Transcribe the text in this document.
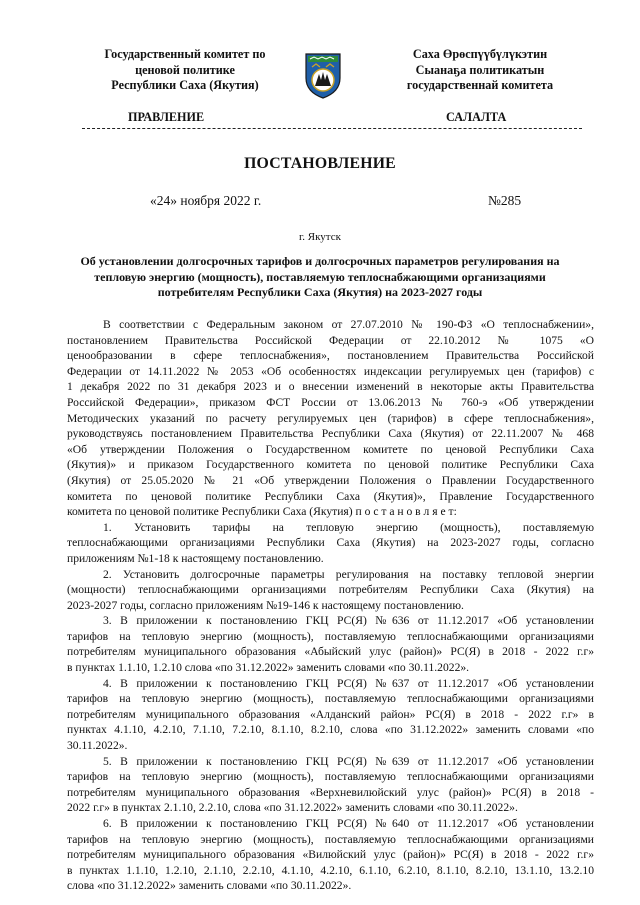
Государственный комитет по
ценовой политике
Республики Саха (Якутия)
Саха Өрөспүүбүлүкэтин
Сыанаҕа политикатын
государственнай комитета
ПРАВЛЕНИЕ	САЛАЛТА
ПОСТАНОВЛЕНИЕ
«24» ноября 2022 г.	№285
г. Якутск
Об установлении долгосрочных тарифов и долгосрочных параметров регулирования на
тепловую энергию (мощность), поставляемую теплоснабжающими организациями
потребителям Республики Саха (Якутия) на 2023-2027 годы
В соответствии с Федеральным законом от 27.07.2010 № 190-ФЗ «О теплоснабжении»,
постановлением Правительства Российской Федерации от 22.10.2012 № 1075 «О
ценообразовании в сфере теплоснабжения», постановлением Правительства Российской
Федерации от 14.11.2022 № 2053 «Об особенностях индексации регулируемых цен (тарифов) с
1 декабря 2022 по 31 декабря 2023 и о внесении изменений в некоторые акты Правительства
Российской Федерации», приказом ФСТ России от 13.06.2013 № 760-э «Об утверждении
Методических указаний по расчету регулируемых цен (тарифов) в сфере теплоснабжения»,
руководствуясь постановлением Правительства Республики Саха (Якутия) от 22.11.2007 № 468
«Об утверждении Положения о Государственном комитете по ценовой Республики Саха
(Якутия)» и приказом Государственного комитета по ценовой политике Республики Саха
(Якутия) от 25.05.2020 № 21 «Об утверждении Положения о Правлении Государственного
комитета по ценовой политике Республики Саха (Якутия)», Правление Государственного
комитета по ценовой политике Республики Саха (Якутия) п о с т а н о в л я е т:
1. Установить тарифы на тепловую энергию (мощность), поставляемую
теплоснабжающими организациями Республики Саха (Якутия) на 2023-2027 годы, согласно
приложениям №1-18 к настоящему постановлению.
2. Установить долгосрочные параметры регулирования на поставку тепловой энергии
(мощности) теплоснабжающими организациями потребителям Республики Саха (Якутия) на
2023-2027 годы, согласно приложениям №19-146 к настоящему постановлению.
3. В приложении к постановлению ГКЦ РС(Я) №636 от 11.12.2017 «Об установлении
тарифов на тепловую энергию (мощность), поставляемую теплоснабжающими организациями
потребителям муниципального образования «Абыйский улус (район)» РС(Я) в 2018 - 2022 г.г»
в пунктах 1.1.10, 1.2.10 слова «по 31.12.2022» заменить словами «по 30.11.2022».
4. В приложении к постановлению ГКЦ РС(Я) №637 от 11.12.2017 «Об установлении
тарифов на тепловую энергию (мощность), поставляемую теплоснабжающими организациями
потребителям муниципального образования «Алданский район» РС(Я) в 2018 - 2022 г.г» в
пунктах 4.1.10, 4.2.10, 7.1.10, 7.2.10, 8.1.10, 8.2.10, слова «по 31.12.2022» заменить словами «по
30.11.2022».
5. В приложении к постановлению ГКЦ РС(Я) №639 от 11.12.2017 «Об установлении
тарифов на тепловую энергию (мощность), поставляемую теплоснабжающими организациями
потребителям муниципального образования «Верхневилюйский улус (район)» РС(Я) в 2018 -
2022 г.г» в пунктах 2.1.10, 2.2.10, слова «по 31.12.2022» заменить словами «по 30.11.2022».
6. В приложении к постановлению ГКЦ РС(Я) №640 от 11.12.2017 «Об установлении
тарифов на тепловую энергию (мощность), поставляемую теплоснабжающими организациями
потребителям муниципального образования «Вилюйский улус (район)» РС(Я) в 2018 - 2022 г.г»
в пунктах 1.1.10, 1.2.10, 2.1.10, 2.2.10, 4.1.10, 4.2.10, 6.1.10, 6.2.10, 8.1.10, 8.2.10, 13.1.10, 13.2.10
слова «по 31.12.2022» заменить словами «по 30.11.2022».
